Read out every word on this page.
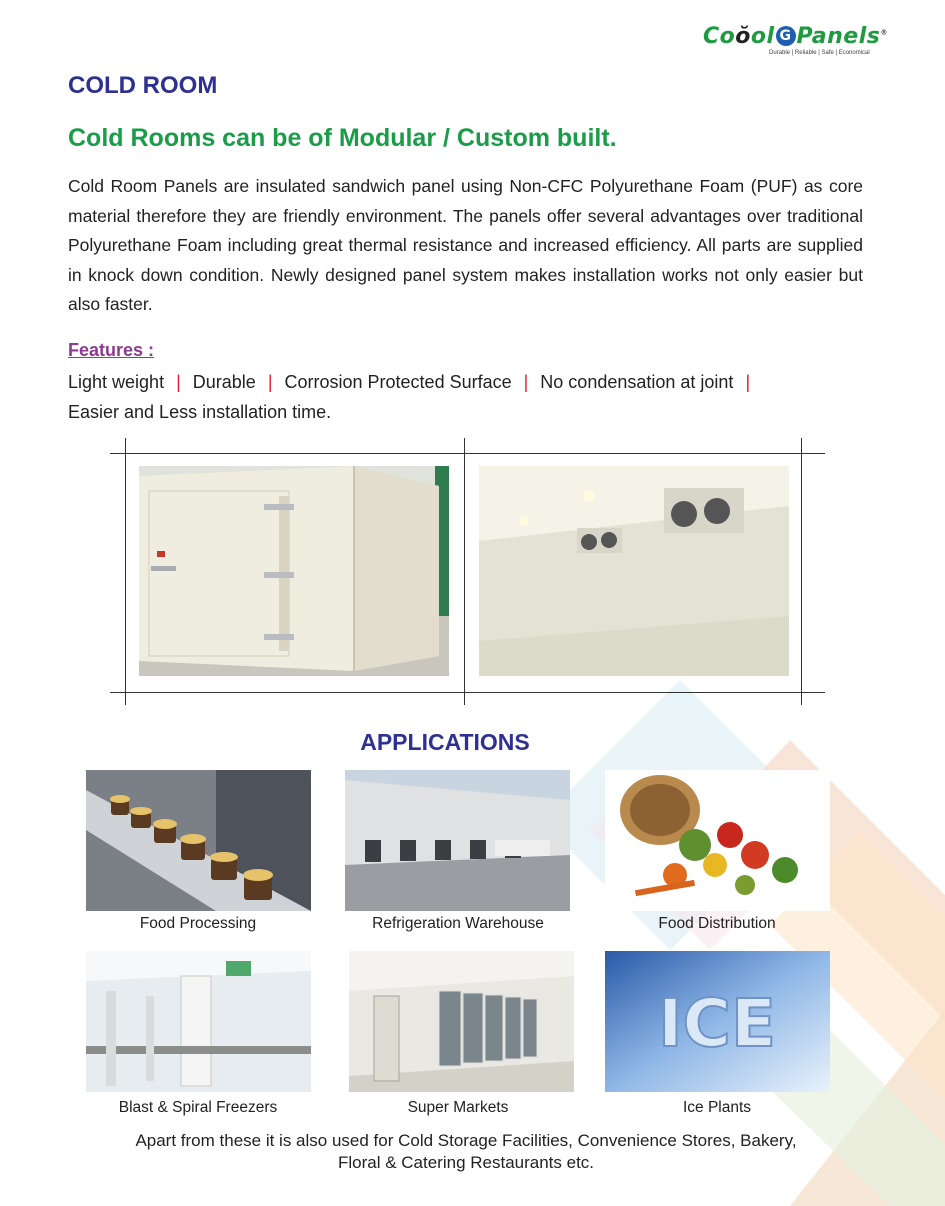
Coŏol G Panels®
Durable | Reliable | Safe | Economical
COLD ROOM
Cold Rooms can be of Modular / Custom built.

Cold Room Panels are insulated sandwich panel using Non-CFC Polyurethane Foam (PUF) as core material therefore they are friendly environment. The panels offer several advantages over traditional Polyurethane Foam including great thermal resistance and increased efficiency. All parts are supplied in knock down condition. Newly designed panel system makes installation works not only easier but also faster.

Features :
Light weight | Durable | Corrosion Protected Surface | No condensation at joint |
Easier and Less installation time.
APPLICATIONS
ICE
Food Processing	Refrigeration Warehouse	Food Distribution
Blast & Spiral Freezers	Super Markets	Ice Plants
Apart from these it is also used for Cold Storage Facilities, Convenience Stores, Bakery,
Floral & Catering Restaurants etc.
